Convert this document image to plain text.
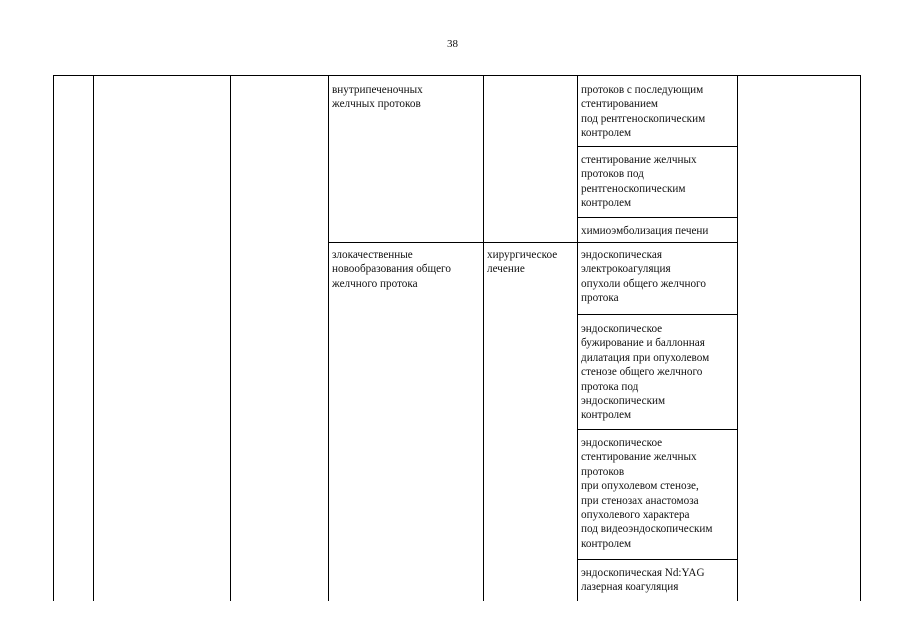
38
внутрипеченочных
желчных протоков
протоков с последующим
стентированием
под рентгеноскопическим
контролем
стентирование желчных
протоков под
рентгеноскопическим
контролем
химиоэмболизация печени
злокачественные
новообразования общего
желчного протока
хирургическое
лечение
эндоскопическая
электрокоагуляция
опухоли общего желчного
протока
эндоскопическое
бужирование и баллонная
дилатация при опухолевом
стенозе общего желчного
протока под
эндоскопическим
контролем
эндоскопическое
стентирование желчных
протоков
при опухолевом стенозе,
при стенозах анастомоза
опухолевого характера
под видеоэндоскопическим
контролем
эндоскопическая Nd:YAG
лазерная коагуляция
